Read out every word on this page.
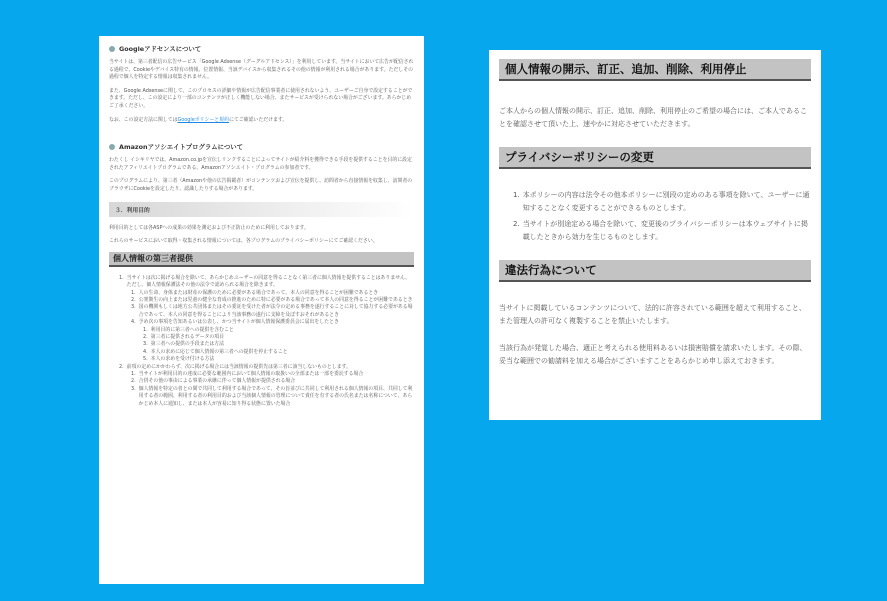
Googleアドセンスについて

当サイトは、第三者配信の広告サービス「Google Adsense（グーグルアドセンス）」を利用しています。当サイトにおいて広告が配信される過程で、Cookieやデバイス特有の情報、位置情報、当該デバイスから収集されるその他の情報が利用される場合があります。ただしその過程で個人を特定する情報は収集されません。

また、Google Adsenseに関して、このプロセスの詳細や情報が広告配信事業者に使用されないよう、ユーザーご自身で設定することができます。ただし、この設定により一部のコンテンツが正しく機能しない場合、またサービスが受けられない場合がございます。あらかじめご了承ください。

なお、この設定方法に関してはGoogleポリシーと規約にてご確認いただけます。

Amazonアソシエイトプログラムについて

わたくし イシキリヤでは、Amazon.co.jpを宣伝しリンクすることによってサイトが紹介料を獲得できる手段を提供することを目的に設定されたアフィリエイトプログラムである、Amazonアソシエイト・プログラムの参加者です。

このプログラムにより、第三者（Amazonや他の広告掲載者）がコンテンツおよび宣伝を提供し、訪問者から直接情報を収集し、訪問者のブラウザにCookieを設定したり、認識したりする場合があります。

３．利用目的

利用目的としては各ASPへの成果の効果を測定および不正防止のために利用しております。

これらのサービスにおいて取得・収集される情報については、各プログラムのプライバシーポリシーにてご確認ください。

個人情報の第三者提供
1. 当サイトは次に掲げる場合を除いて、あらかじめユーザーの同意を得ることなく第三者に個人情報を提供することはありません。ただし、個人情報保護法その他の法令で認められる場合を除きます。
1. 人の生命、身体または財産の保護のために必要がある場合であって、本人の同意を得ることが困難であるとき
2. 公衆衛生の向上または児童の健全な育成の推進のために特に必要がある場合であって本人の同意を得ることが困難であるとき
3. 国の機関もしくは地方公共団体またはその委託を受けた者が法令の定める事務を遂行することに対して協力する必要がある場合であって、本人の同意を得ることにより当該事務の遂行に支障を及ぼすおそれがあるとき
4. 予め次の事項を告知あるいは公表し、かつ当サイトが個人情報保護委員会に届出をしたとき
1. 利用目的に第三者への提供を含むこと
2. 第三者に提供されるデータの項目
3. 第三者への提供の手段または方法
4. 本人の求めに応じて個人情報の第三者への提供を停止すること
5. 本人の求めを受け付ける方法
2. 前項の定めにかかわらず、次に掲げる場合には当該情報の提供先は第三者に該当しないものとします。
1. 当サイトが利用目的の達成に必要な範囲内において個人情報の取扱いの全部または一部を委託する場合
2. 合併その他の事由による事業の承継に伴って個人情報が提供される場合
3. 個人情報を特定の者との間で共同して利用する場合であって、その旨並びに共同して利用される個人情報の項目、共同して利用する者の範囲、利用する者の利用目的および当該個人情報の管理について責任を有する者の氏名または名称について、あらかじめ本人に通知し、または本人が容易に知り得る状態に置いた場合
個人情報の開示、訂正、追加、削除、利用停止

ご本人からの個人情報の開示、訂正、追加、削除、利用停止のご希望の場合には、ご本人であることを確認させて頂いた上、速やかに対応させていただきます。

プライバシーポリシーの変更
1. 本ポリシーの内容は法令その他本ポリシーに別段の定めのある事項を除いて、ユーザーに通知することなく変更することができるものとします。
2. 当サイトが別途定める場合を除いて、変更後のプライバシーポリシーは本ウェブサイトに掲載したときから効力を生じるものとします。
違法行為について

当サイトに掲載しているコンテンツについて、法的に許容されている範囲を超えて利用すること、また管理人の許可なく複製することを禁止いたします。

当該行為が発覚した場合、適正と考えられる使用料あるいは損害賠償を請求いたします。その際、妥当な範囲での勧請料を加える場合がございますことをあらかじめ申し添えておきます。
